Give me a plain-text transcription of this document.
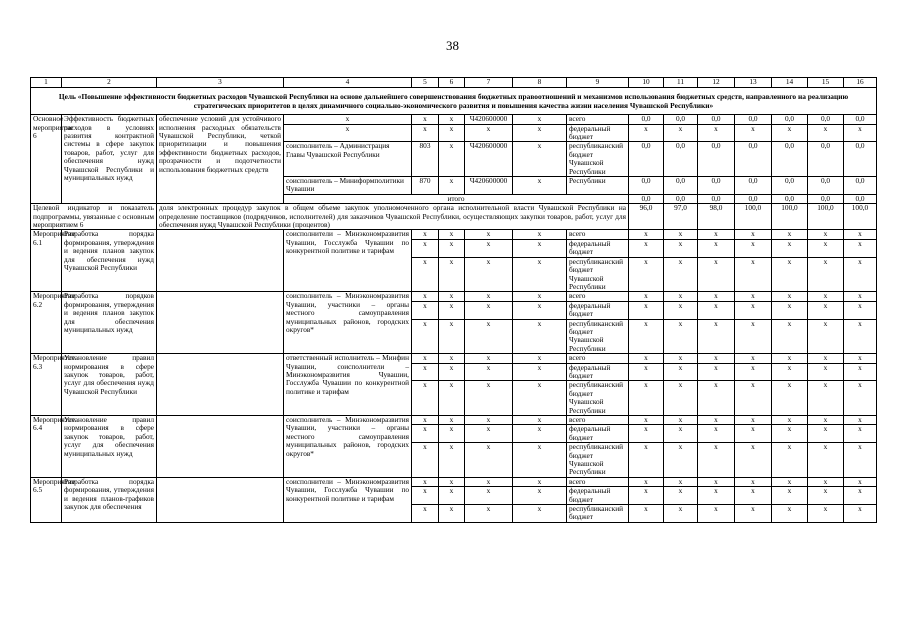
38
1	2	3	4	5	6	7	8	9	10	11	12	13	14	15	16
Цель «Повышение эффективности бюджетных расходов Чувашской Республики на основе дальнейшего совершенствования бюджетных правоотношений и механизмов использования бюджетных средств, направленного на реализацию стратегических приоритетов в целях динамичного социально-экономического развития и повышения качества жизни населения Чувашской Республики»															
Основное мероприятие 6	Эффективность бюджетных расходов в условиях развития контрактной системы в сфере закупок товаров, работ, услуг для обеспечения нужд Чувашской Республики и муниципальных нужд	обеспечение условий для устойчивого исполнения расходных обязательств Чувашской Республики, четкой приоритизации и повышения эффективности бюджетных расходов, прозрачности и подотчетности использования бюджетных средств	x	x	x	Ч420600000	x	всего	0,0	0,0	0,0	0,0	0,0	0,0	0,0
			x	x	x	x	x	федеральный бюджет	x	x	x	x	x	x	x
			соисполнитель – Администрация Главы Чувашской Республики	803	x	Ч420600000	x	республиканский бюджет Чувашской Республики	0,0	0,0	0,0	0,0	0,0	0,0	0,0
			соисполнитель – Миниформполитики Чувашии	870	x	Ч420600000	x	Республики	0,0	0,0	0,0	0,0	0,0	0,0	0,0
			итого						0,0	0,0	0,0	0,0	0,0	0,0	0,0
Целевой индикатор и показатель подпрограммы, увязанные с основным мероприятием 6		доля электронных процедур закупок в общем объеме закупок уполномоченного органа исполнительной власти Чувашской Республики на определение поставщиков (подрядчиков, исполнителей) для заказчиков Чувашской Республики, осуществляющих закупки товаров, работ, услуг для обеспечения нужд Чувашской Республики (процентов)							96,0	97,0	98,0	100,0	100,0	100,0	100,0
Мероприятие 6.1	Разработка порядка формирования, утверждения и ведения планов закупок для обеспечения нужд Чувашской Республики		соисполнители – Минэкономразвития Чувашии, Госслужба Чувашии по конкурентной политике и тарифам	x	x	x	x	всего	x	x	x	x	x	x	x
				x	x	x	x	федеральный бюджет	x	x	x	x	x	x	x
				x	x	x	x	республиканский бюджет Чувашской Республики	x	x	x	x	x	x	x
Мероприятие 6.2	Разработка порядков формирования, утверждения и ведения планов закупок для обеспечения муниципальных нужд		соисполнитель – Минэкономразвития Чувашии, участники – органы местного самоуправления муниципальных районов, городских округов*	x	x	x	x	всего	x	x	x	x	x	x	x
				x	x	x	x	федеральный бюджет	x	x	x	x	x	x	x
				x	x	x	x	республиканский бюджет Чувашской Республики	x	x	x	x	x	x	x
Мероприятие 6.3	Установление правил нормирования в сфере закупок товаров, работ, услуг для обеспечения нужд Чувашской Республики		ответственный исполнитель – Минфин Чувашии, соисполнители – Минэкономразвития Чувашии, Госслужба Чувашии по конкурентной политике и тарифам	x	x	x	x	всего	x	x	x	x	x	x	x
				x	x	x	x	федеральный бюджет	x	x	x	x	x	x	x
				x	x	x	x	республиканский бюджет Чувашской Республики	x	x	x	x	x	x	x
Мероприятие 6.4	Установление правил нормирования в сфере закупок товаров, работ, услуг для обеспечения муниципальных нужд		соисполнитель – Минэкономразвития Чувашии, участники – органы местного самоуправления муниципальных районов, городских округов*	x	x	x	x	всего	x	x	x	x	x	x	x
				x	x	x	x	федеральный бюджет	x	x	x	x	x	x	x
				x	x	x	x	республиканский бюджет Чувашской Республики	x	x	x	x	x	x	x
Мероприятие 6.5	Разработка порядка формирования, утверждения и ведения планов-графиков закупок для обеспечения		соисполнители – Минэкономразвития Чувашии, Госслужба Чувашии по конкурентной политике и тарифам	x	x	x	x	всего	x	x	x	x	x	x	x
				x	x	x	x	федеральный бюджет	x	x	x	x	x	x	x
				x	x	x	x	республиканский бюджет	x	x	x	x	x	x	x
